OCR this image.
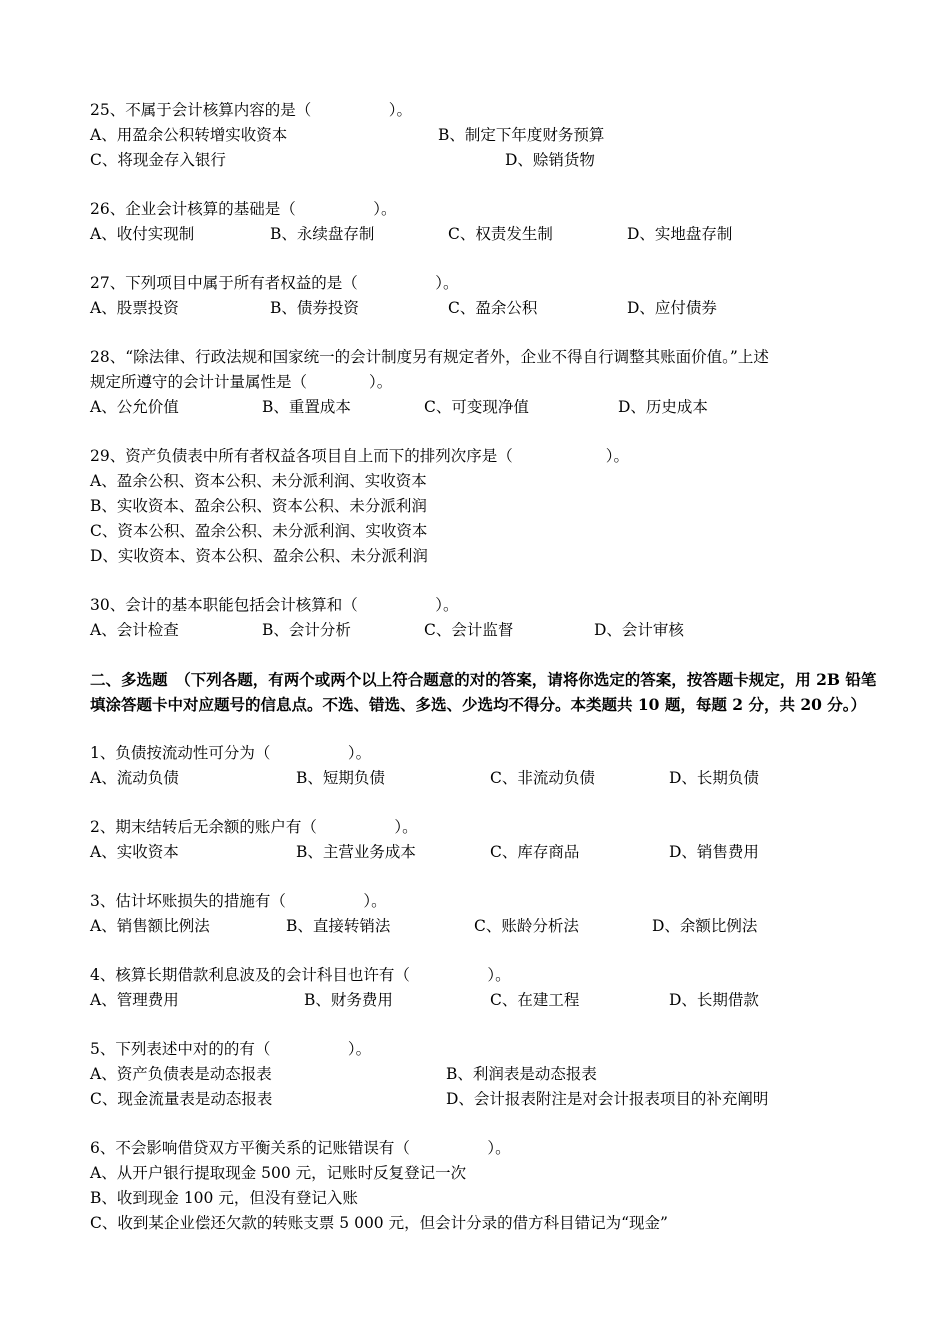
25、不属于会计核算内容的是（　　　　　）。
A、用盈余公积转增实收资本	B、制定下年度财务预算
C、将现金存入银行	D、赊销货物
26、企业会计核算的基础是（　　　　　）。
A、收付实现制	B、永续盘存制	C、权责发生制	D、实地盘存制
27、下列项目中属于所有者权益的是（　　　　　）。
A、股票投资	B、债券投资	C、盈余公积	D、应付债券
28、“除法律、行政法规和国家统一的会计制度另有规定者外，企业不得自行调整其账面价值。”上述
规定所遵守的会计计量属性是（　　　　）。
A、公允价值	B、重置成本	C、可变现净值	D、历史成本
29、资产负债表中所有者权益各项目自上而下的排列次序是（　　　　　　）。
A、盈余公积、资本公积、未分派利润、实收资本
B、实收资本、盈余公积、资本公积、未分派利润
C、资本公积、盈余公积、未分派利润、实收资本
D、实收资本、资本公积、盈余公积、未分派利润
30、会计的基本职能包括会计核算和（　　　　　）。
A、会计检查	B、会计分析	C、会计监督	D、会计审核
二、多选题　（下列各题，有两个或两个以上符合题意的对的答案，请将你选定的答案，按答题卡规定，用 2B 铅笔填涂答题卡中对应题号的信息点。不选、错选、多选、少选均不得分。本类题共 10 题，每题 2 分，共 20 分。）
1、负债按流动性可分为（　　　　　）。
A、流动负债	B、短期负债	C、非流动负债	D、长期负债
2、期末结转后无余额的账户有（　　　　　）。
A、实收资本	B、主营业务成本	C、库存商品	D、销售费用
3、估计坏账损失的措施有（　　　　　）。
A、销售额比例法	B、直接转销法	C、账龄分析法	D、余额比例法
4、核算长期借款利息波及的会计科目也许有（　　　　　）。
A、管理费用	B、财务费用	C、在建工程	D、长期借款
5、下列表述中对的的有（　　　　　）。
A、资产负债表是动态报表	B、利润表是动态报表
C、现金流量表是动态报表	D、会计报表附注是对会计报表项目的补充阐明
6、不会影响借贷双方平衡关系的记账错误有（　　　　　）。
A、从开户银行提取现金 500 元，记账时反复登记一次
B、收到现金 100 元，但没有登记入账
C、收到某企业偿还欠款的转账支票 5 000 元，但会计分录的借方科目错记为“现金”
